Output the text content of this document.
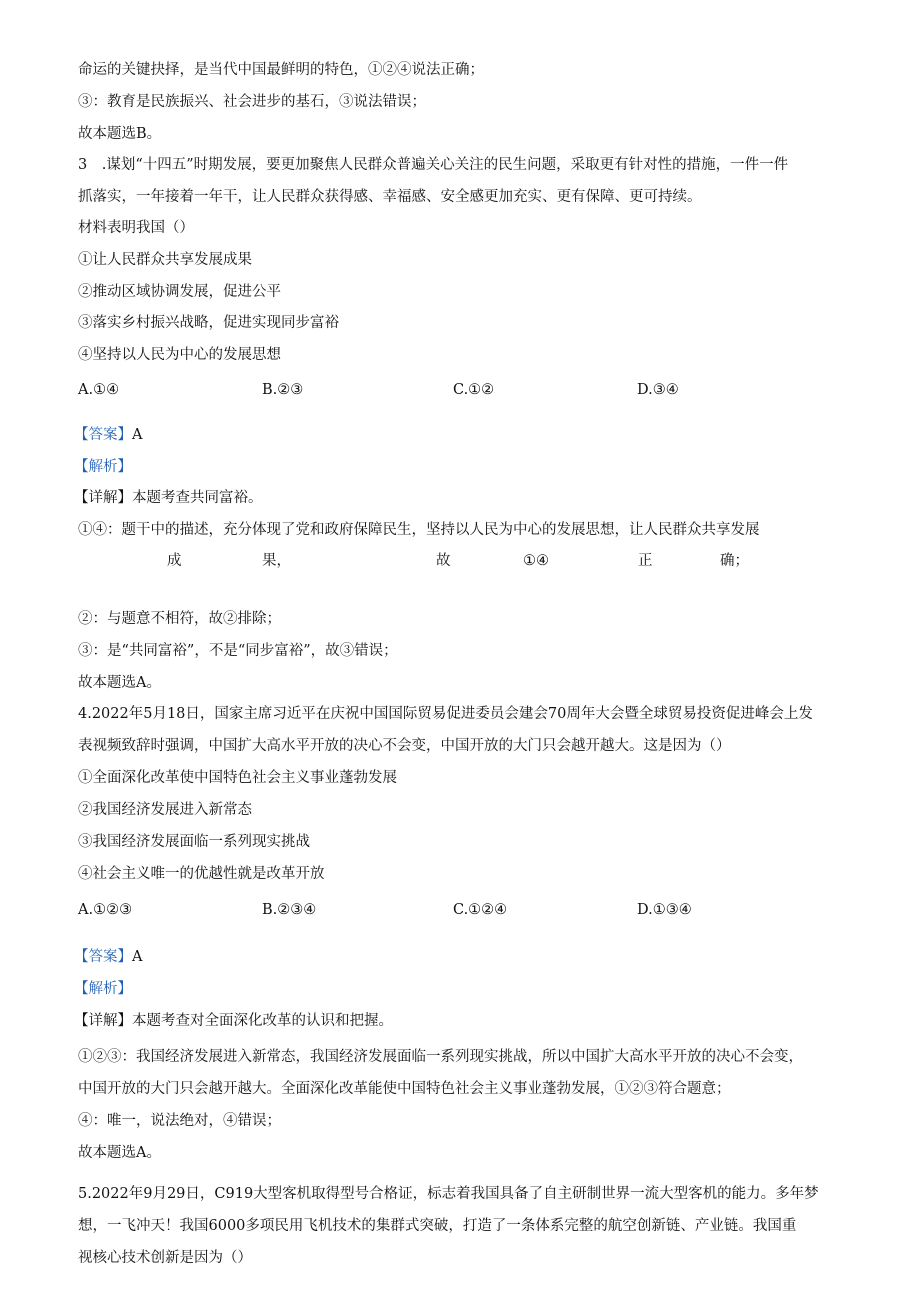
命运的关键抉择，是当代中国最鲜明的特色，①②④说法正确；
③：教育是民族振兴、社会进步的基石，③说法错误；
故本题选B。
3　.谋划“十四五”时期发展，要更加聚焦人民群众普遍关心关注的民生问题，采取更有针对性的措施，一件一件
抓落实，一年接着一年干，让人民群众获得感、幸福感、安全感更加充实、更有保障、更可持续。
材料表明我国（）
①让人民群众共享发展成果
②推动区域协调发展，促进公平
③落实乡村振兴战略，促进实现同步富裕
④坚持以人民为中心的发展思想
A.①④	B.②③	C.①②	D.③④
【答案】A
【解析】
【详解】本题考查共同富裕。
①④：题干中的描述，充分体现了党和政府保障民生，坚持以人民为中心的发展思想，让人民群众共享发展
成	果，	故	①④	正	确；
②：与题意不相符，故②排除；
③：是“共同富裕”，不是“同步富裕”，故③错误；
故本题选A。
4.2022年5月18日，国家主席习近平在庆祝中国国际贸易促进委员会建会70周年大会暨全球贸易投资促进峰会上发
表视频致辞时强调，中国扩大高水平开放的决心不会变，中国开放的大门只会越开越大。这是因为（）
①全面深化改革使中国特色社会主义事业蓬勃发展
②我国经济发展进入新常态
③我国经济发展面临一系列现实挑战
④社会主义唯一的优越性就是改革开放
A.①②③	B.②③④	C.①②④	D.①③④
【答案】A
【解析】
【详解】本题考查对全面深化改革的认识和把握。
①②③：我国经济发展进入新常态，我国经济发展面临一系列现实挑战，所以中国扩大高水平开放的决心不会变，
中国开放的大门只会越开越大。全面深化改革能使中国特色社会主义事业蓬勃发展，①②③符合题意；
④：唯一，说法绝对，④错误；
故本题选A。
5.2022年9月29日，C919大型客机取得型号合格证，标志着我国具备了自主研制世界一流大型客机的能力。多年梦
想，一飞冲天！我国6000多项民用飞机技术的集群式突破，打造了一条体系完整的航空创新链、产业链。我国重
视核心技术创新是因为（）
